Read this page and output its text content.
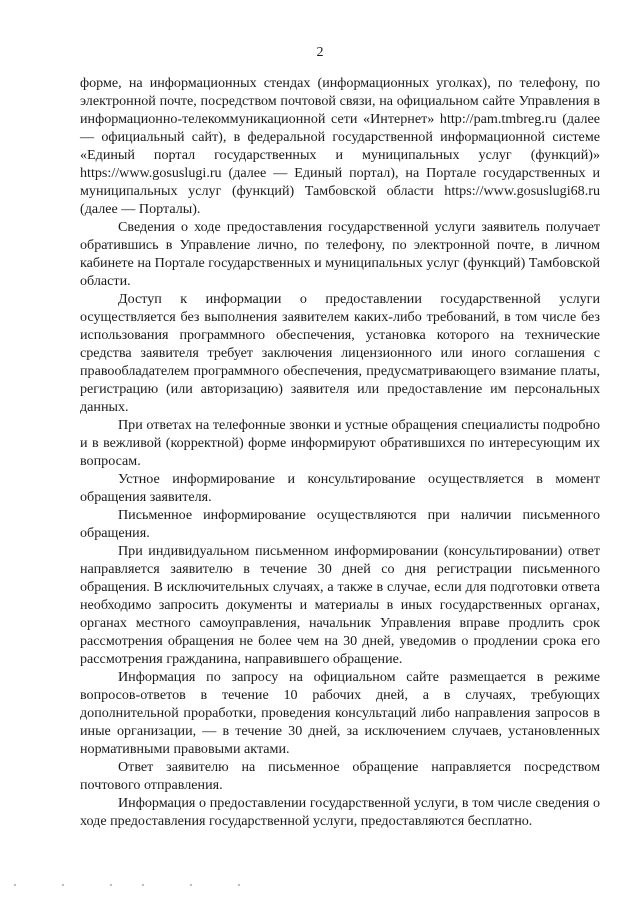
2

форме, на информационных стендах (информационных уголках), по телефону, по электронной почте, посредством почтовой связи, на официальном сайте Управления в информационно-телекоммуникационной сети «Интернет» http://pam.tmbreg.ru (далее — официальный сайт), в федеральной государственной информационной системе «Единый портал государственных и муниципальных услуг (функций)» https://www.gosuslugi.ru (далее — Единый портал), на Портале государственных и муниципальных услуг (функций) Тамбовской области https://www.gosuslugi68.ru (далее — Порталы).

Сведения о ходе предоставления государственной услуги заявитель получает обратившись в Управление лично, по телефону, по электронной почте, в личном кабинете на Портале государственных и муниципальных услуг (функций) Тамбовской области.

Доступ к информации о предоставлении государственной услуги осуществляется без выполнения заявителем каких-либо требований, в том числе без использования программного обеспечения, установка которого на технические средства заявителя требует заключения лицензионного или иного соглашения с правообладателем программного обеспечения, предусматривающего взимание платы, регистрацию (или авторизацию) заявителя или предоставление им персональных данных.

При ответах на телефонные звонки и устные обращения специалисты подробно и в вежливой (корректной) форме информируют обратившихся по интересующим их вопросам.

Устное информирование и консультирование осуществляется в момент обращения заявителя.

Письменное информирование осуществляются при наличии письменного обращения.

При индивидуальном письменном информировании (консультировании) ответ направляется заявителю в течение 30 дней со дня регистрации письменного обращения. В исключительных случаях, а также в случае, если для подготовки ответа необходимо запросить документы и материалы в иных государственных органах, органах местного самоуправления, начальник Управления вправе продлить срок рассмотрения обращения не более чем на 30 дней, уведомив о продлении срока его рассмотрения гражданина, направившего обращение.

Информация по запросу на официальном сайте размещается в режиме вопросов-ответов в течение 10 рабочих дней, а в случаях, требующих дополнительной проработки, проведения консультаций либо направления запросов в иные организации, — в течение 30 дней, за исключением случаев, установленных нормативными правовыми актами.

Ответ заявителю на письменное обращение направляется посредством почтового отправления.

Информация о предоставлении государственной услуги, в том числе сведения о ходе предоставления государственной услуги, предоставляются бесплатно.
